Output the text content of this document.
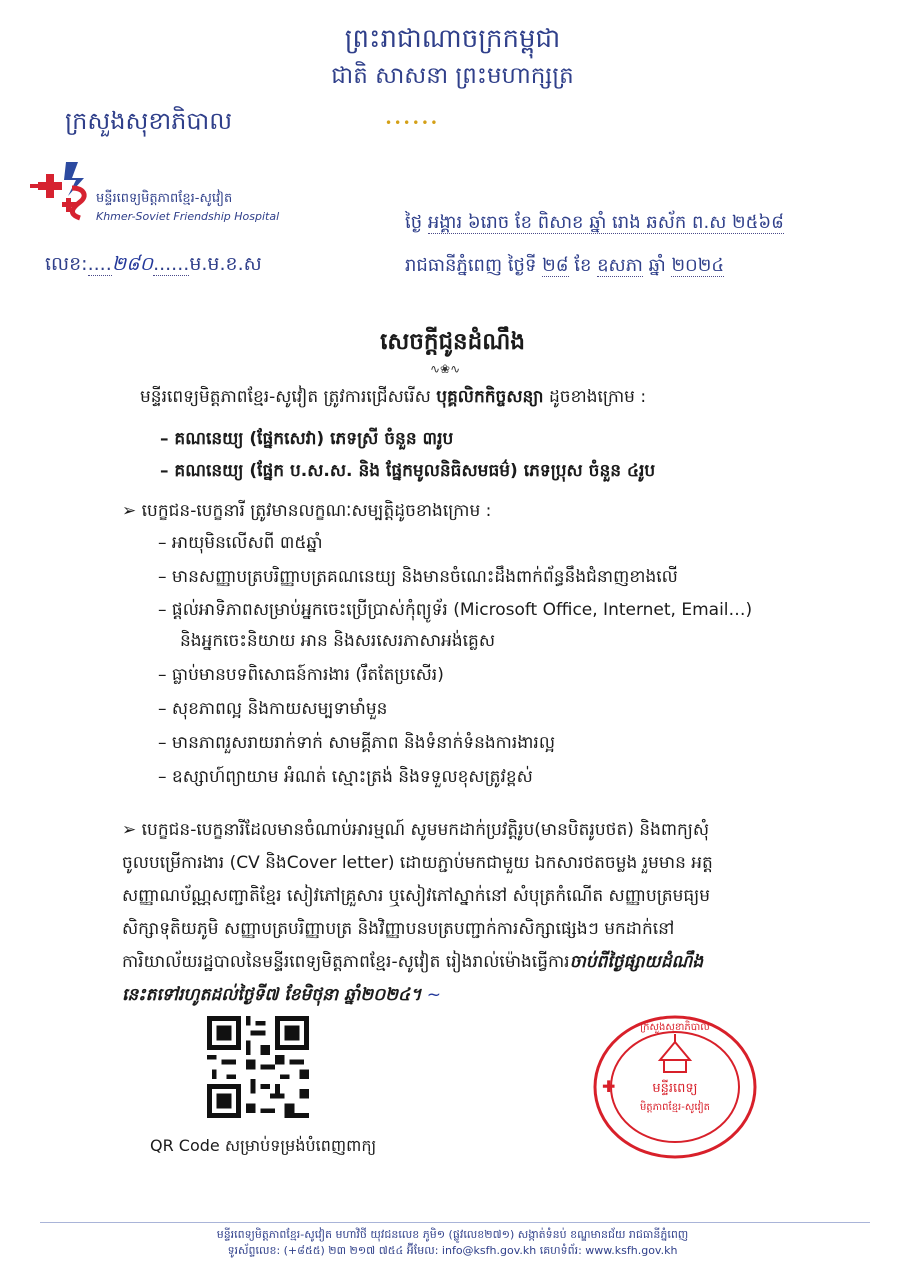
ព្រះរាជាណាចក្រកម្ពុជា
ជាតិ សាសនា ព្រះមហាក្សត្រ
••••••
ក្រសួងសុខាភិបាល
មន្ទីរពេទ្យមិត្តភាពខ្មែរ-សូវៀត
Khmer-Soviet Friendship Hospital
លេខ:....២៨០......ម.ម.ខ.ស
ថ្ងៃ អង្គារ ៦រោច ខែ ពិសាខ ឆ្នាំ រោង ឆស័ក ព.ស ២៥៦៨
រាជធានីភ្នំពេញ ថ្ងៃទី ២៨ ខែ ឧសភា ឆ្នាំ ២០២៤
សេចក្តីជូនដំណឹង
∿❀∿
មន្ទីរពេទ្យមិត្តភាពខ្មែរ-សូវៀត ត្រូវការជ្រើសរើស បុគ្គលិកកិច្ចសន្យា ដូចខាងក្រោម :
– គណនេយ្យ (ផ្នែកសេវា) ភេទស្រី ចំនួន ៣រូប
– គណនេយ្យ (ផ្នែក ប.ស.ស. និង ផ្នែកមូលនិធិសមធម៌) ភេទប្រុស ចំនួន ៤រូប
➢ បេក្ខជន-បេក្ខនារី ត្រូវមានលក្ខណៈសម្បត្តិដូចខាងក្រោម :
– អាយុមិនលើសពី ៣៥ឆ្នាំ
– មានសញ្ញាបត្របរិញ្ញាបត្រគណនេយ្យ និងមានចំណេះដឹងពាក់ព័ន្ធនឹងជំនាញខាងលើ
– ផ្តល់អាទិភាពសម្រាប់អ្នកចេះប្រើប្រាស់កុំព្យូទ័រ (Microsoft Office, Internet, Email…)
និងអ្នកចេះនិយាយ អាន និងសរសេរភាសាអង់គ្លេស
– ធ្លាប់មានបទពិសោធន៍ការងារ (រឹតតែប្រសើរ)
– សុខភាពល្អ និងកាយសម្បទាមាំមួន
– មានភាពរួសរាយរាក់ទាក់ សាមគ្គីភាព និងទំនាក់ទំនងការងារល្អ
– ឧស្សាហ៍ព្យាយាម អំណត់ ស្មោះត្រង់ និងទទួលខុសត្រូវខ្ពស់
➢ បេក្ខជន-បេក្ខនារីដែលមានចំណាប់អារម្មណ៍ សូមមកដាក់ប្រវត្តិរូប(មានបិតរូបថត) និងពាក្យសុំ
ចូលបម្រើការងារ (CV និងCover letter) ដោយភ្ជាប់មកជាមួយ ឯកសារថតចម្លង រួមមាន អត្ត
សញ្ញាណប័ណ្ណសញ្ជាតិខ្មែរ សៀវភៅគ្រួសារ ឬសៀវភៅស្នាក់នៅ សំបុត្រកំណើត សញ្ញាបត្រមធ្យម
សិក្សាទុតិយភូមិ សញ្ញាបត្របរិញ្ញាបត្រ និងវិញ្ញាបនបត្របញ្ជាក់ការសិក្សាផ្សេងៗ មកដាក់នៅ
ការិយាល័យរដ្ឋបាលនៃមន្ទីរពេទ្យមិត្តភាពខ្មែរ-សូវៀត រៀងរាល់ម៉ោងធ្វើការចាប់ពីថ្ងៃផ្សាយដំណឹង
នេះតទៅរហូតដល់ថ្ងៃទី៧ ខែមិថុនា ឆ្នាំ២០២៤។ ~
QR Code សម្រាប់ទម្រង់បំពេញពាក្យ
មន្ទីរពេទ្យ
មិត្តភាពខ្មែរ-សូវៀត
ក្រសួងសុខាភិបាល
✚
មន្ទីរពេទ្យមិត្តភាពខ្មែរ-សូវៀត មហាវិថី យុវជនលេខ ភូមិ១ (ផ្លូវលេខ២៧១) សង្កាត់ទំនប់ ខណ្ឌមានជ័យ រាជធានីភ្នំពេញ
ទូរស័ព្ទលេខ: (+៨៥៥) ២៣ ២១៧ ៧៥៤ អ៊ីមែល: info@ksfh.gov.kh គេហទំព័រ: www.ksfh.gov.kh
